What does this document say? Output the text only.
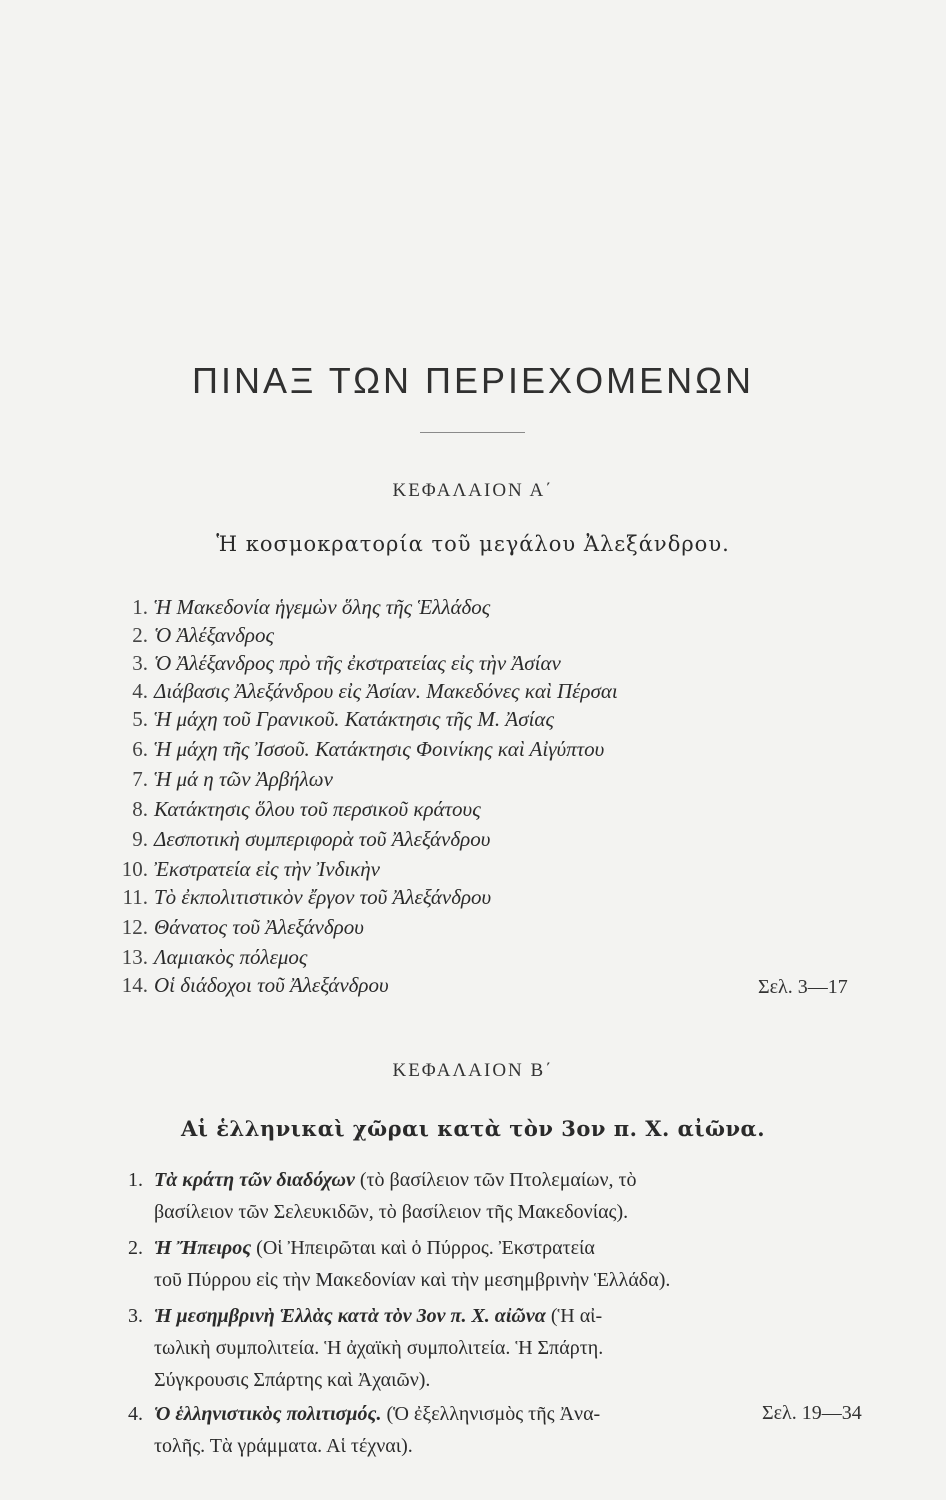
ΠΙΝΑΞ ΤΩΝ ΠΕΡΙΕΧΟΜΕΝΩΝ
ΚΕΦΑΛΑΙΟΝ Α΄
Ἡ κοσμοκρατορία τοῦ μεγάλου Ἀλεξάνδρου.
1. Ἡ Μακεδονία ἡγεμὼν ὅλης τῆς Ἑλλάδος
2. Ὁ Ἀλέξανδρος
3. Ὁ Ἀλέξανδρος πρὸ τῆς ἐκστρατείας εἰς τὴν Ἀσίαν
4. Διάβασις Ἀλεξάνδρου εἰς Ἀσίαν. Μακεδόνες καὶ Πέρσαι
5. Ἡ μάχη τοῦ Γρανικοῦ. Κατάκτησις τῆς Μ. Ἀσίας
6. Ἡ μάχη τῆς Ἰσσοῦ. Κατάκτησις Φοινίκης καὶ Αἰγύπτου
7. Ἡ μά η τῶν Ἀρβήλων
8. Κατάκτησις ὅλου τοῦ περσικοῦ κράτους
9. Δεσποτικὴ συμπεριφορὰ τοῦ Ἀλεξάνδρου
10. Ἐκστρατεία εἰς τὴν Ἰνδικὴν
11. Τὸ ἐκπολιτιστικὸν ἔργον τοῦ Ἀλεξάνδρου
12. Θάνατος τοῦ Ἀλεξάνδρου
13. Λαμιακὸς πόλεμος
14. Οἱ διάδοχοι τοῦ Ἀλεξάνδρου	Σελ. 3—17
ΚΕΦΑΛΑΙΟΝ Β΄
Αἱ ἑλληνικαὶ χῶραι κατὰ τὸν 3ον π. Χ. αἰῶνα.
1. Τὰ κράτη τῶν διαδόχων (τὸ βασίλειον τῶν Πτολεμαίων, τὸ
βασίλειον τῶν Σελευκιδῶν, τὸ βασίλειον τῆς Μακεδονίας).
2. Ἡ Ἤπειρος (Οἱ Ἠπειρῶται καὶ ὁ Πύρρος. Ἐκστρατεία
τοῦ Πύρρου εἰς τὴν Μακεδονίαν καὶ τὴν μεσημβρινὴν Ἑλλάδα).
3. Ἡ μεσημβρινὴ Ἑλλὰς κατὰ τὸν 3ον π. Χ. αἰῶνα (Ἡ αἰ-
τωλικὴ συμπολιτεία. Ἡ ἀχαϊκὴ συμπολιτεία. Ἡ Σπάρτη.
Σύγκρουσις Σπάρτης καὶ Ἀχαιῶν).
4. Ὁ ἑλληνιστικὸς πολιτισμός. (Ὁ ἐξελληνισμὸς τῆς Ἀνα-
τολῆς. Τὰ γράμματα. Αἱ τέχναι).
Σελ. 19—34
